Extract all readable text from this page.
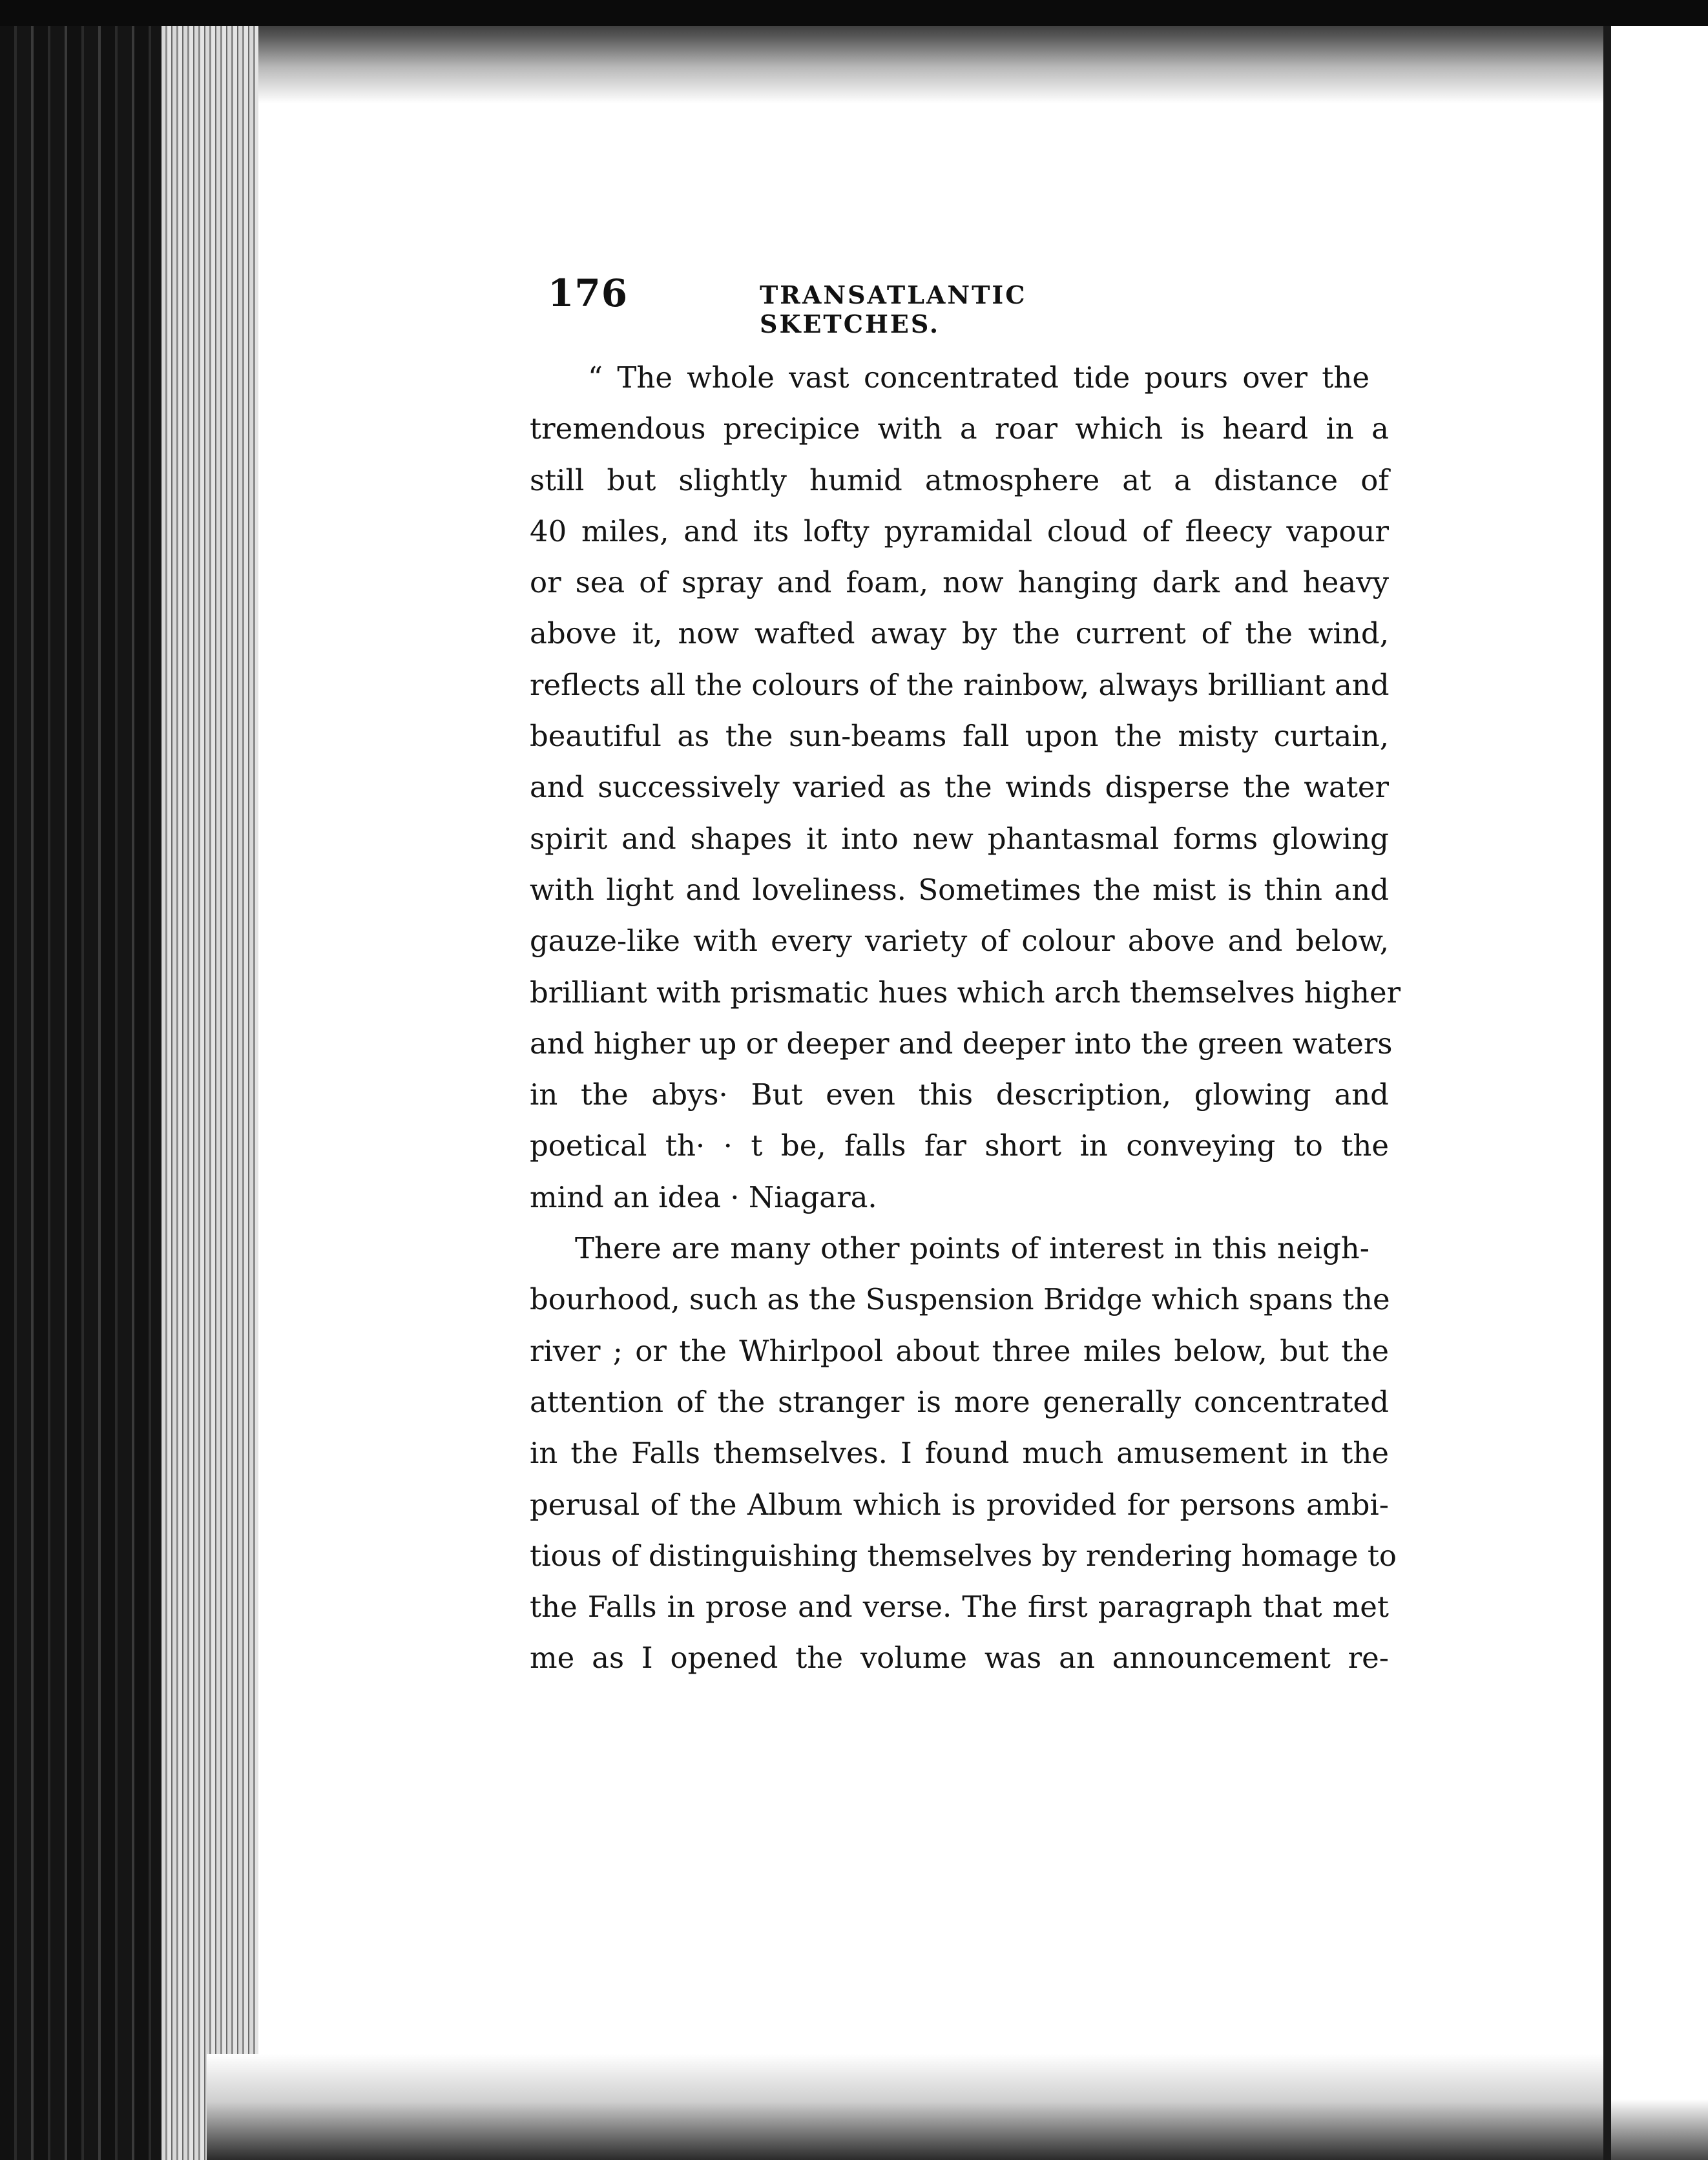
176	TRANSATLANTIC SKETCHES.
“ The whole vast concentrated tide pours over the
tremendous precipice with a roar which is heard in a
still but slightly humid atmosphere at a distance of
40 miles, and its lofty pyramidal cloud of fleecy vapour
or sea of spray and foam, now hanging dark and heavy
above it, now wafted away by the current of the wind,
reflects all the colours of the rainbow, always brilliant and
beautiful as the sun-beams fall upon the misty curtain,
and successively varied as the winds disperse the water
spirit and shapes it into new phantasmal forms glowing
with light and loveliness. Sometimes the mist is thin and
gauze-like with every variety of colour above and below,
brilliant with prismatic hues which arch themselves higher
and higher up or deeper and deeper into the green waters
in the abys· But even this description, glowing and
poetical th· · t be, falls far short in conveying to the
mind an idea · Niagara.
There are many other points of interest in this neigh-
bourhood, such as the Suspension Bridge which spans the
river ; or the Whirlpool about three miles below, but the
attention of the stranger is more generally concentrated
in the Falls themselves. I found much amusement in the
perusal of the Album which is provided for persons ambi-
tious of distinguishing themselves by rendering homage to
the Falls in prose and verse. The first paragraph that met
me as I opened the volume was an announcement re-
